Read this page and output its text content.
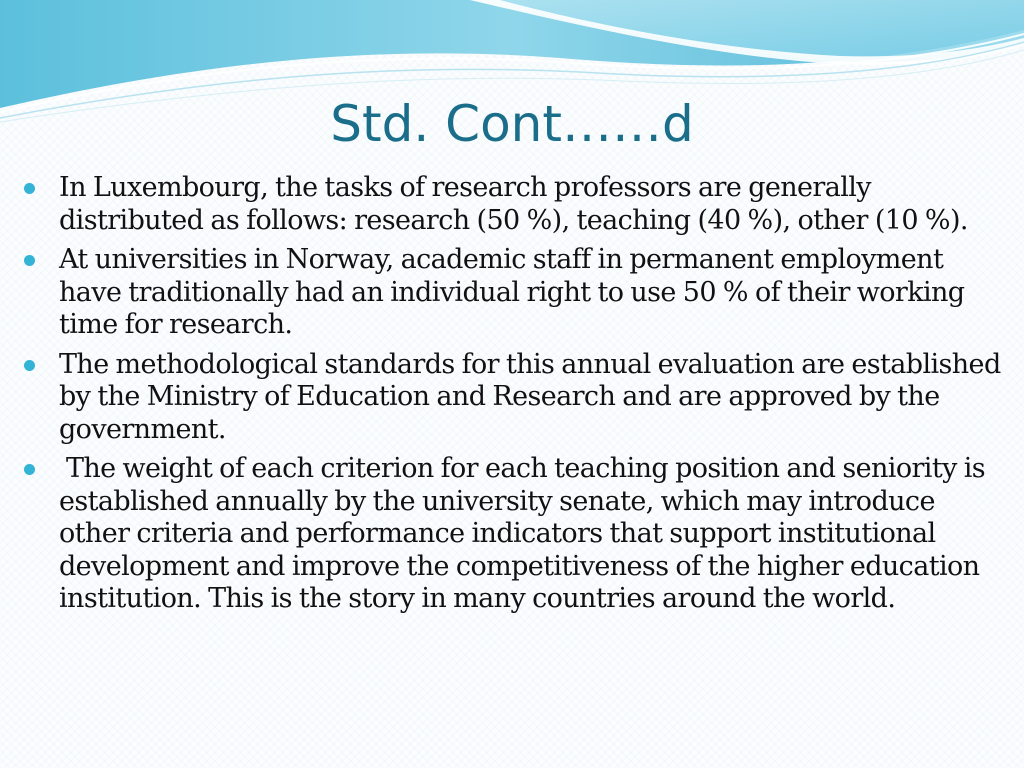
Std. Cont……d
In Luxembourg, the tasks of research professors are generally distributed as follows: research (50 %), teaching (40 %), other (10 %).
At universities in Norway, academic staff in permanent employment have traditionally had an individual right to use 50 % of their working time for research.
The methodological standards for this annual evaluation are established by the Ministry of Education and Research and are approved by the government.
The weight of each criterion for each teaching position and seniority is established annually by the university senate, which may introduce other criteria and performance indicators that support institutional development and improve the competitiveness of the higher education institution. This is the story in many countries around the world.
